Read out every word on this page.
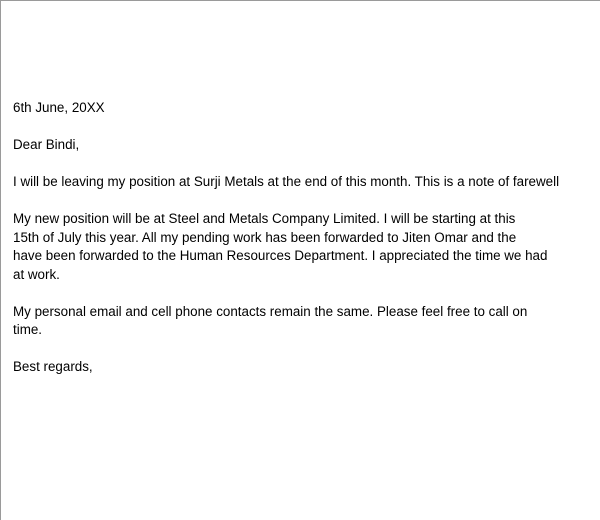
6th June, 20XX
Dear Bindi,
I will be leaving my position at Surji Metals at the end of this month. This is a note of farewell
My new position will be at Steel and Metals Company Limited. I will be starting at this
15th of July this year. All my pending work has been forwarded to Jiten Omar and the
have been forwarded to the Human Resources Department. I appreciated the time we had
at work.
My personal email and cell phone contacts remain the same. Please feel free to call on
time.
Best regards,
